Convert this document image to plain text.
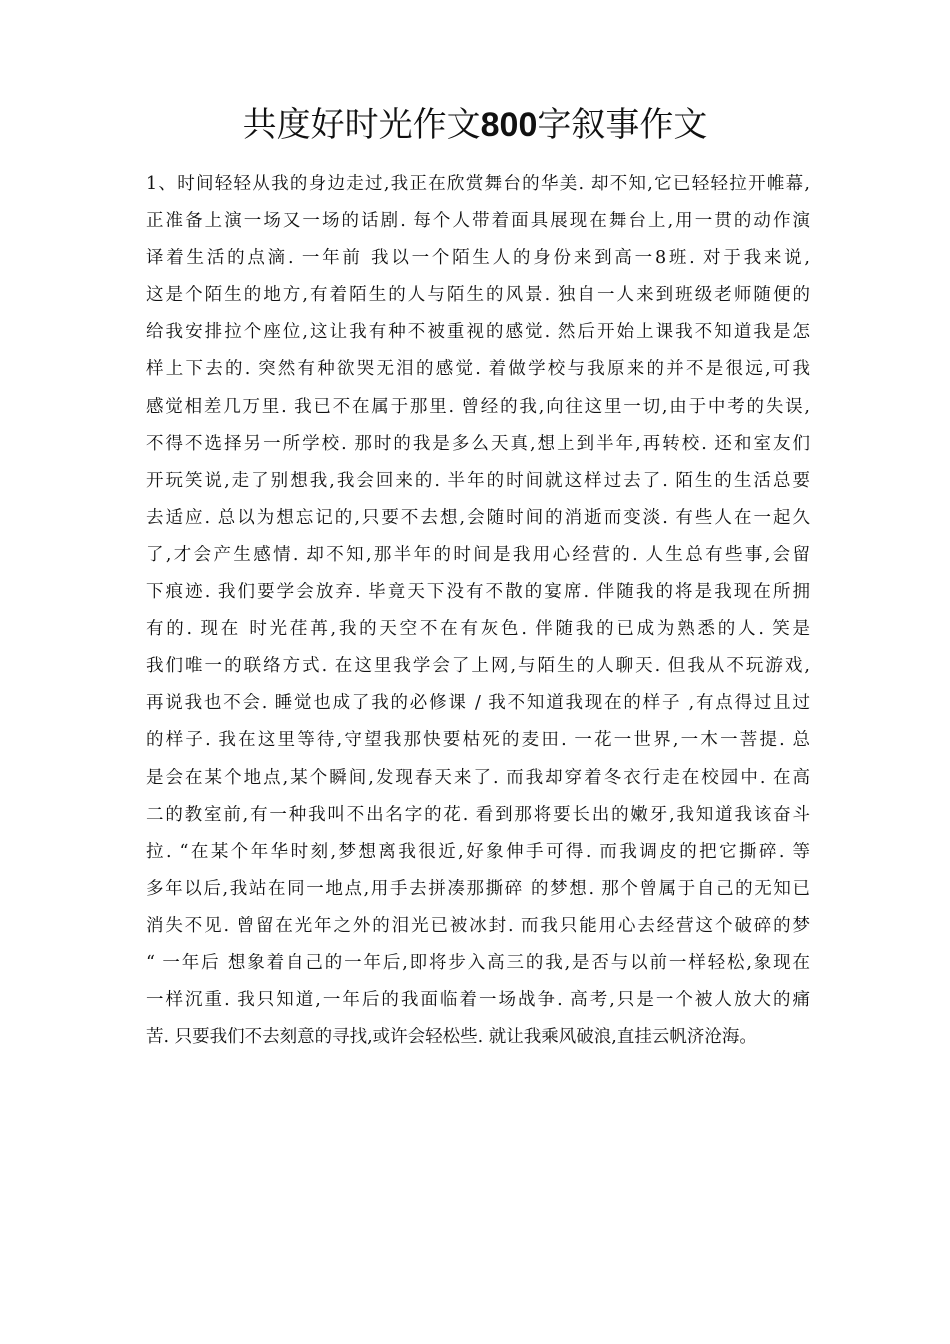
共度好时光作文800字叙事作文
1、时间轻轻从我的身边走过,我正在欣赏舞台的华美. 却不知,它已轻轻拉开帷幕,
正准备上演一场又一场的话剧. 每个人带着面具展现在舞台上,用一贯的动作演
译着生活的点滴. 一年前 我以一个陌生人的身份来到高一8班. 对于我来说,
这是个陌生的地方,有着陌生的人与陌生的风景. 独自一人来到班级老师随便的
给我安排拉个座位,这让我有种不被重视的感觉. 然后开始上课我不知道我是怎
样上下去的. 突然有种欲哭无泪的感觉. 着做学校与我原来的并不是很远,可我
感觉相差几万里. 我已不在属于那里. 曾经的我,向往这里一切,由于中考的失误,
不得不选择另一所学校. 那时的我是多么天真,想上到半年,再转校. 还和室友们
开玩笑说,走了别想我,我会回来的. 半年的时间就这样过去了. 陌生的生活总要
去适应. 总以为想忘记的,只要不去想,会随时间的消逝而变淡. 有些人在一起久
了,才会产生感情. 却不知,那半年的时间是我用心经营的. 人生总有些事,会留
下痕迹. 我们要学会放弃. 毕竟天下没有不散的宴席. 伴随我的将是我现在所拥
有的. 现在 时光荏苒,我的天空不在有灰色. 伴随我的已成为熟悉的人. 笑是
我们唯一的联络方式. 在这里我学会了上网,与陌生的人聊天. 但我从不玩游戏,
再说我也不会. 睡觉也成了我的必修课 / 我不知道我现在的样子 ,有点得过且过
的样子. 我在这里等待,守望我那快要枯死的麦田. 一花一世界,一木一菩提. 总
是会在某个地点,某个瞬间,发现春天来了. 而我却穿着冬衣行走在校园中. 在高
二的教室前,有一种我叫不出名字的花. 看到那将要长出的嫩牙,我知道我该奋斗
拉. “在某个年华时刻,梦想离我很近,好象伸手可得. 而我调皮的把它撕碎. 等
多年以后,我站在同一地点,用手去拼凑那撕碎 的梦想. 那个曾属于自己的无知已
消失不见. 曾留在光年之外的泪光已被冰封. 而我只能用心去经营这个破碎的梦
“ 一年后 想象着自己的一年后,即将步入高三的我,是否与以前一样轻松,象现在
一样沉重. 我只知道,一年后的我面临着一场战争. 高考,只是一个被人放大的痛
苦. 只要我们不去刻意的寻找,或许会轻松些. 就让我乘风破浪,直挂云帆济沧海。
